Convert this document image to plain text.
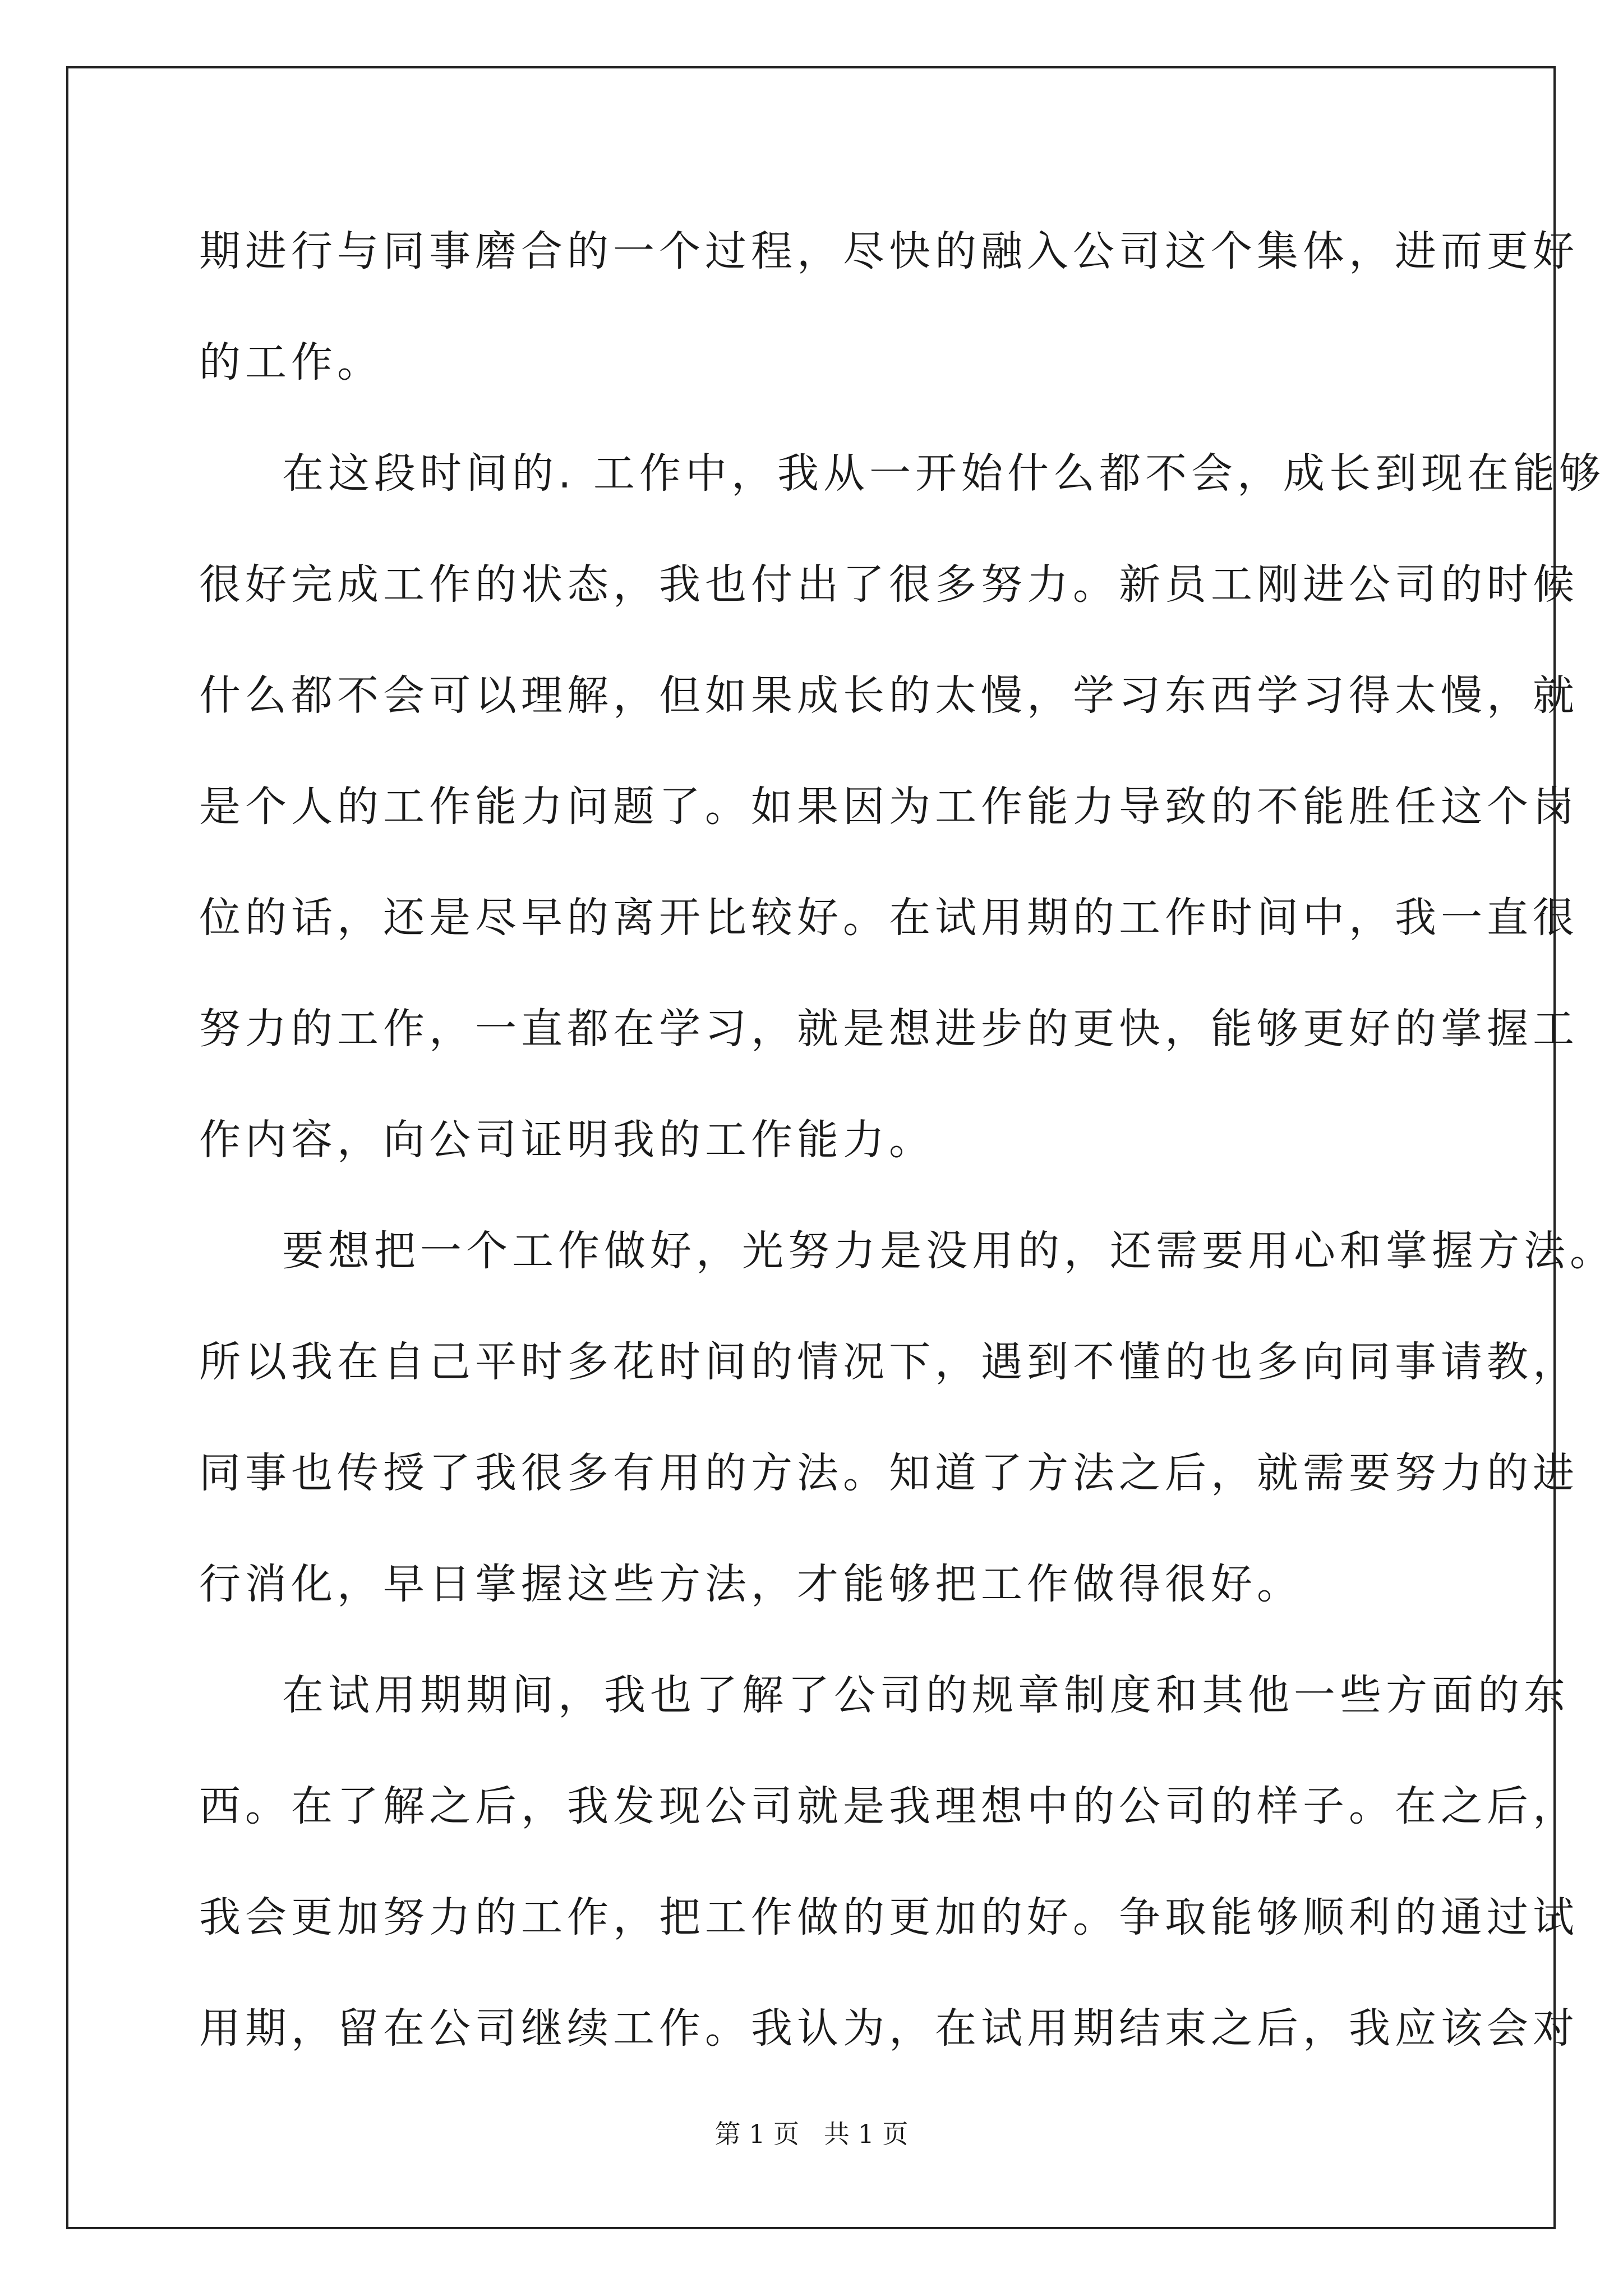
期进行与同事磨合的一个过程，尽快的融入公司这个集体，进而更好
的工作。
在这段时间的. 工作中，我从一开始什么都不会，成长到现在能够
很好完成工作的状态，我也付出了很多努力。新员工刚进公司的时候
什么都不会可以理解，但如果成长的太慢，学习东西学习得太慢，就
是个人的工作能力问题了。如果因为工作能力导致的不能胜任这个岗
位的话，还是尽早的离开比较好。在试用期的工作时间中，我一直很
努力的工作，一直都在学习，就是想进步的更快，能够更好的掌握工
作内容，向公司证明我的工作能力。
要想把一个工作做好，光努力是没用的，还需要用心和掌握方法。
所以我在自己平时多花时间的情况下，遇到不懂的也多向同事请教，
同事也传授了我很多有用的方法。知道了方法之后，就需要努力的进
行消化，早日掌握这些方法，才能够把工作做得很好。
在试用期期间，我也了解了公司的规章制度和其他一些方面的东
西。在了解之后，我发现公司就是我理想中的公司的样子。在之后，
我会更加努力的工作，把工作做的更加的好。争取能够顺利的通过试
用期，留在公司继续工作。我认为，在试用期结束之后，我应该会对
第 1 页   共 1 页
